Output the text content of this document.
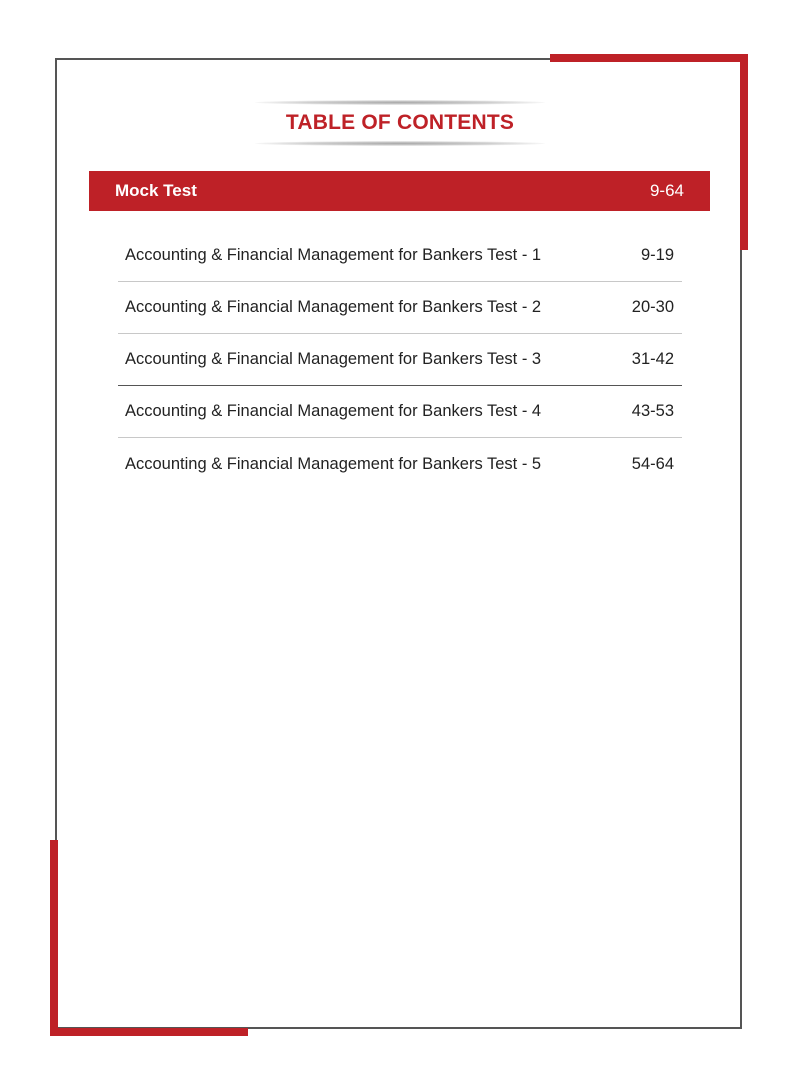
TABLE OF CONTENTS
Mock Test	9-64
Accounting & Financial Management for Bankers Test - 1	9-19
Accounting & Financial Management for Bankers Test - 2	20-30
Accounting & Financial Management for Bankers Test - 3	31-42
Accounting & Financial Management for Bankers Test - 4	43-53
Accounting & Financial Management for Bankers Test - 5	54-64
